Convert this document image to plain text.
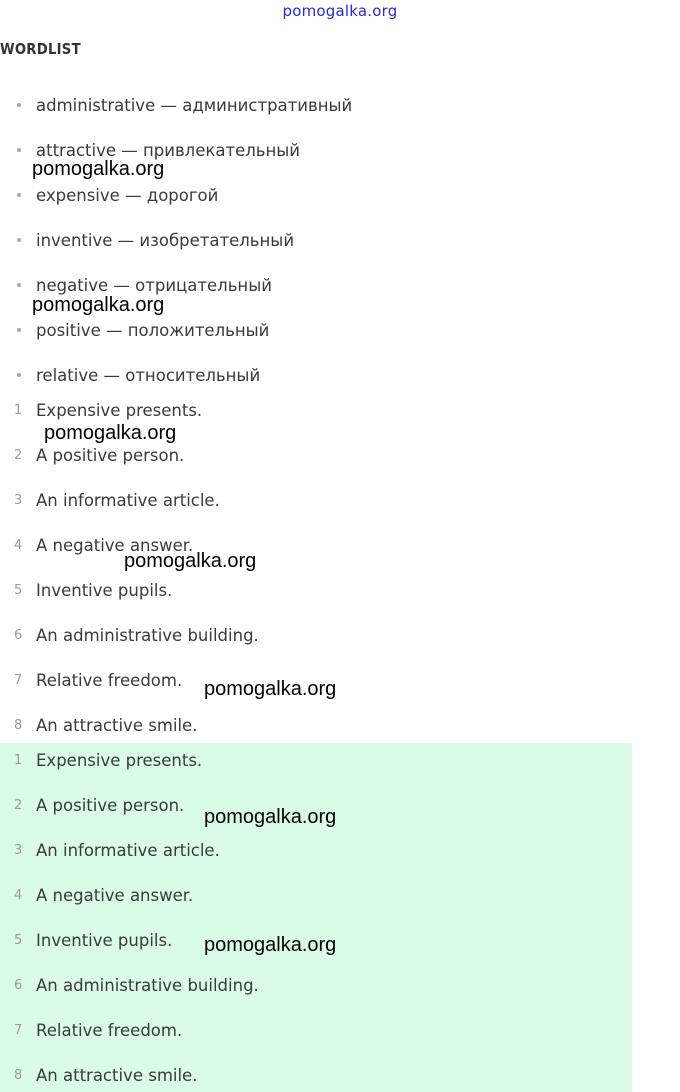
pomogalka.org
WORDLIST
administrative — административный
attractive — привлекательный
expensive — дорогой
inventive — изобретательный
negative — отрицательный
positive — положительный
relative — относительный
1 Expensive presents.
2 A positive person.
3 An informative article.
4 A negative answer.
5 Inventive pupils.
6 An administrative building.
7 Relative freedom.
8 An attractive smile.
1 Expensive presents.
2 A positive person.
3 An informative article.
4 A negative answer.
5 Inventive pupils.
6 An administrative building.
7 Relative freedom.
8 An attractive smile.
pomogalka.org
pomogalka.org
pomogalka.org
pomogalka.org
pomogalka.org
pomogalka.org
pomogalka.org
